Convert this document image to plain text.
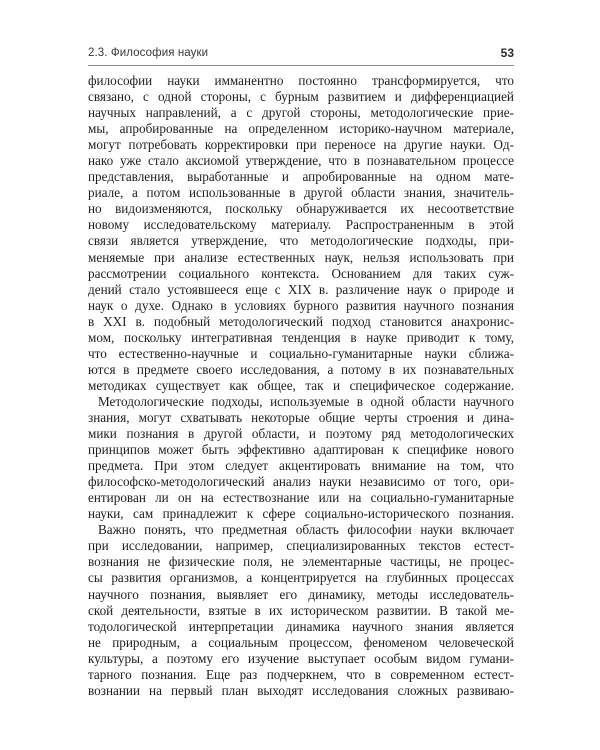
2.3. Философия науки	53
философии науки имманентно постоянно трансформируется, что
связано, с одной стороны, с бурным развитием и дифференциацией
научных направлений, а с другой стороны, методологические прие-
мы, апробированные на определенном историко-научном материале,
могут потребовать корректировки при переносе на другие науки. Од-
нако уже стало аксиомой утверждение, что в познавательном процессе
представления, выработанные и апробированные на одном мате-
риале, а потом использованные в другой области знания, значитель-
но видоизменяются, поскольку обнаруживается их несоответствие
новому исследовательскому материалу. Распространенным в этой
связи является утверждение, что методологические подходы, при-
меняемые при анализе естественных наук, нельзя использовать при
рассмотрении социального контекста. Основанием для таких суж-
дений стало устоявшееся еще с XIX в. различение наук о природе и
наук о духе. Однако в условиях бурного развития научного познания
в XXI в. подобный методологический подход становится анахронис-
мом, поскольку интегративная тенденция в науке приводит к тому,
что естественно-научные и социально-гуманитарные науки сближа-
ются в предмете своего исследования, а потому в их познавательных
методиках существует как общее, так и специфическое содержание.
Методологические подходы, используемые в одной области научного
знания, могут схватывать некоторые общие черты строения и дина-
мики познания в другой области, и поэтому ряд методологических
принципов может быть эффективно адаптирован к специфике нового
предмета. При этом следует акцентировать внимание на том, что
философско-методологический анализ науки независимо от того, ори-
ентирован ли он на естествознание или на социально-гуманитарные
науки, сам принадлежит к сфере социально-исторического познания.
Важно понять, что предметная область философии науки включает
при исследовании, например, специализированных текстов естест-
вознания не физические поля, не элементарные частицы, не процес-
сы развития организмов, а концентрируется на глубинных процессах
научного познания, выявляет его динамику, методы исследователь-
ской деятельности, взятые в их историческом развитии. В такой ме-
тодологической интерпретации динамика научного знания является
не природным, а социальным процессом, феноменом человеческой
культуры, а поэтому его изучение выступает особым видом гумани-
тарного познания. Еще раз подчеркнем, что в современном естест-
вознании на первый план выходят исследования сложных развиваю-
